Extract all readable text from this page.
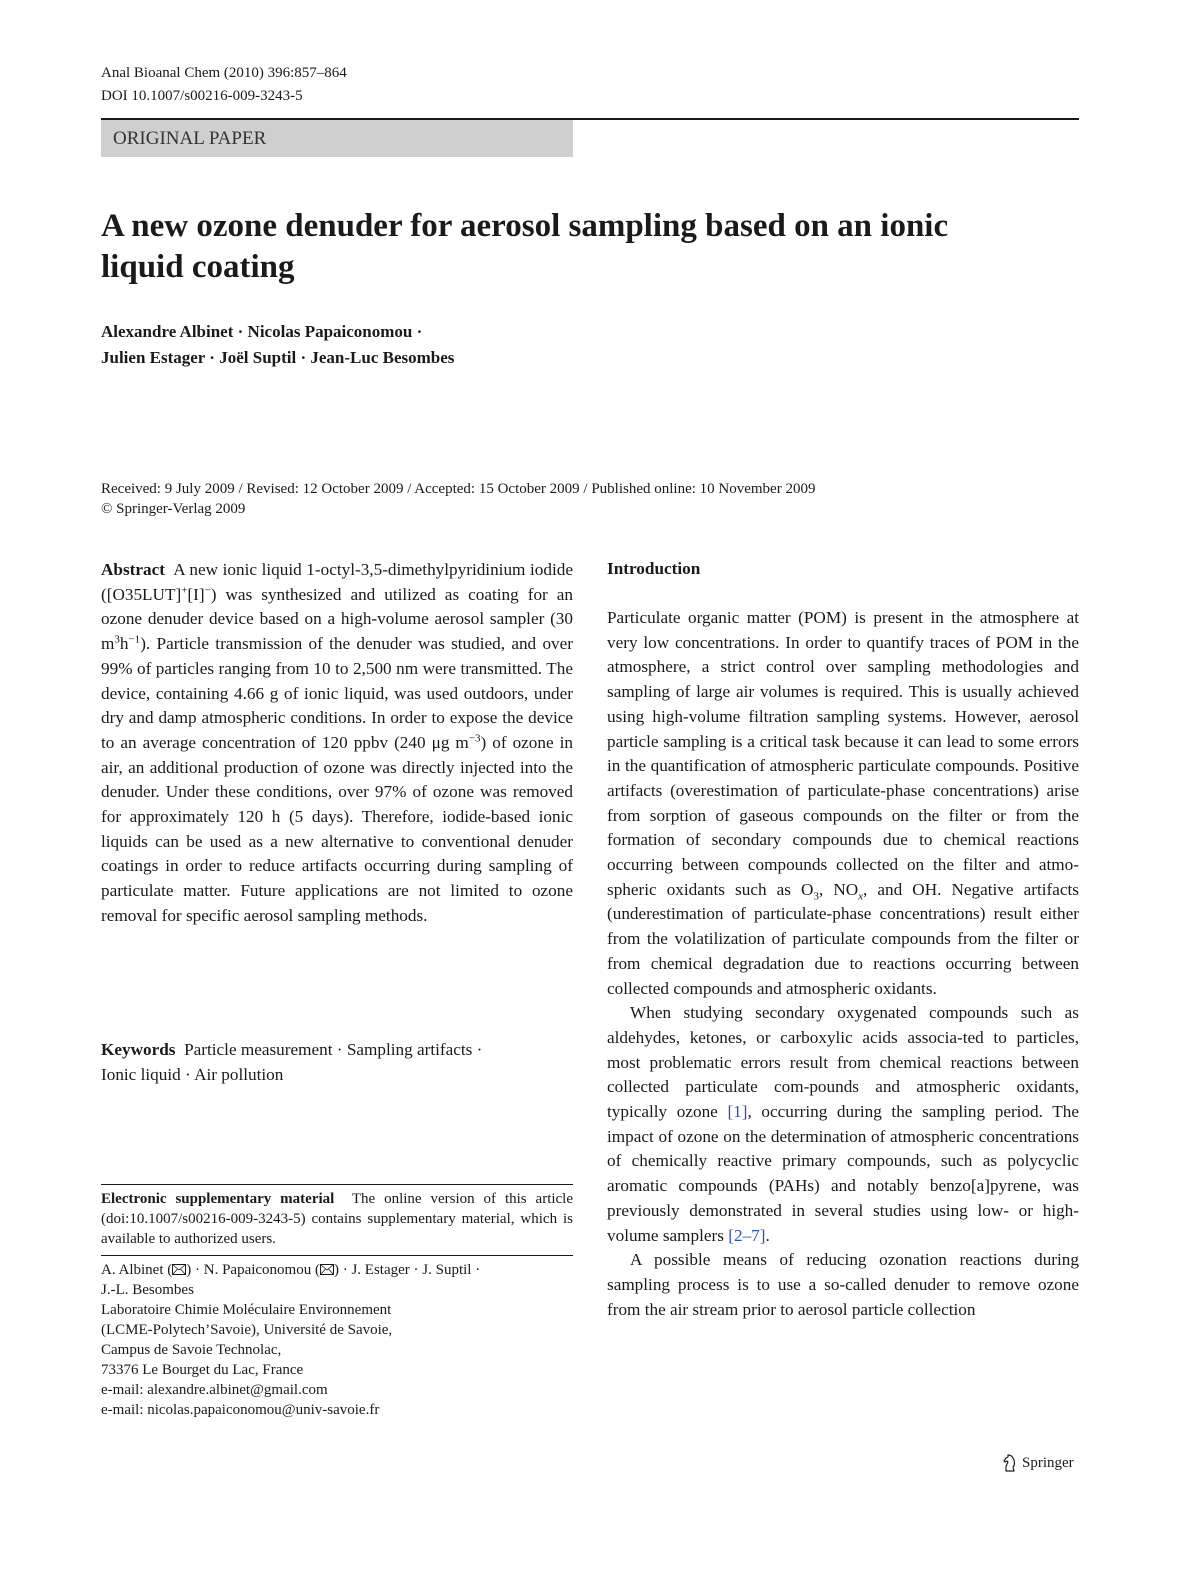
Anal Bioanal Chem (2010) 396:857–864
DOI 10.1007/s00216-009-3243-5
ORIGINAL PAPER
A new ozone denuder for aerosol sampling based on an ionic
liquid coating
Alexandre Albinet · Nicolas Papaiconomou ·
Julien Estager · Joël Suptil · Jean-Luc Besombes
Received: 9 July 2009 / Revised: 12 October 2009 / Accepted: 15 October 2009 / Published online: 10 November 2009
© Springer-Verlag 2009
Abstract A new ionic liquid 1-octyl-3,5-dimethylpyridinium iodide ([O35LUT]+[I]−) was synthesized and utilized as coating for an ozone denuder device based on a high-volume aerosol sampler (30 $m^3h^{-1}$). Particle transmission of the denuder was studied, and over 99% of particles ranging from 10 to 2,500 nm were transmitted. The device, containing 4.66 g of ionic liquid, was used outdoors, under dry and damp atmospheric conditions. In order to expose the device to an average concentration of 120 ppbv (240 μg $m^{-3}$) of ozone in air, an additional production of ozone was directly injected into the denuder. Under these conditions, over 97% of ozone was removed for approximately 120 h (5 days). Therefore, iodide-based ionic liquids can be used as a new alternative to conventional denuder coatings in order to reduce artifacts occurring during sampling of particulate matter. Future applications are not limited to ozone removal for specific aerosol sampling methods.
Keywords Particle measurement · Sampling artifacts ·
Ionic liquid · Air pollution
Electronic supplementary material The online version of this article (doi:10.1007/s00216-009-3243-5) contains supplementary material, which is available to authorized users.
A. Albinet ( ) · N. Papaiconomou ( ) · J. Estager · J. Suptil ·
J.-L. Besombes
Laboratoire Chimie Moléculaire Environnement
(LCME-Polytech’Savoie), Université de Savoie,
Campus de Savoie Technolac,
73376 Le Bourget du Lac, France
e-mail: alexandre.albinet@gmail.com
e-mail: nicolas.papaiconomou@univ-savoie.fr
Introduction

Particulate organic matter (POM) is present in the atmosphere at very low concentrations. In order to quantify traces of POM in the atmosphere, a strict control over sampling methodologies and sampling of large air volumes is required. This is usually achieved using high-volume filtration sampling systems. However, aerosol particle sampling is a critical task because it can lead to some errors in the quantification of atmospheric particulate compounds. Positive artifacts (overestimation of particulate-phase concentrations) arise from sorption of gaseous compounds on the filter or from the formation of secondary compounds due to chemical reactions occurring between compounds collected on the filter and atmo-spheric oxidants such as $O_3$, $NO_x$, and OH. Negative artifacts (underestimation of particulate-phase concentrations) result either from the volatilization of particulate compounds from the filter or from chemical degradation due to reactions occurring between collected compounds and atmospheric oxidants.

When studying secondary oxygenated compounds such as aldehydes, ketones, or carboxylic acids associa-ted to particles, most problematic errors result from chemical reactions between collected particulate com-pounds and atmospheric oxidants, typically ozone [1], occurring during the sampling period. The impact of ozone on the determination of atmospheric concentrations of chemically reactive primary compounds, such as polycyclic aromatic compounds (PAHs) and notably benzo[a]pyrene, was previously demonstrated in several studies using low- or high-volume samplers [2–7].

A possible means of reducing ozonation reactions during sampling process is to use a so-called denuder to remove ozone from the air stream prior to aerosol particle collection

Springer
